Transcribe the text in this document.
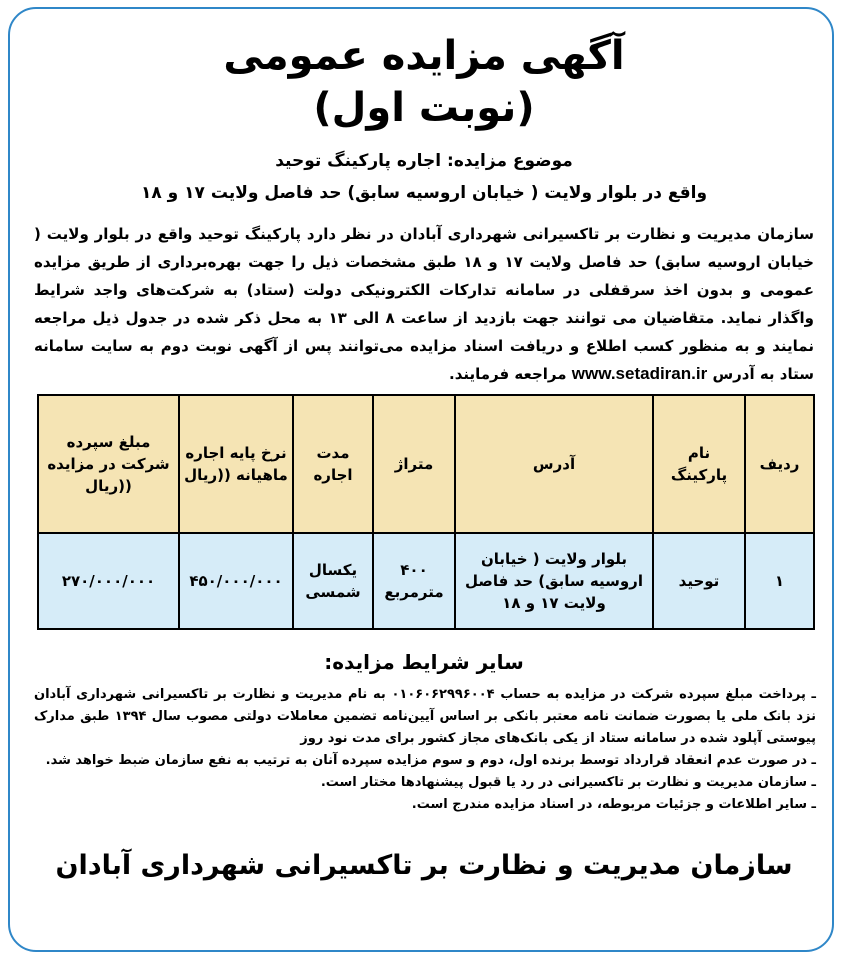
آگهی مزایده عمومی
(نوبت اول)
موضوع مزایده: اجاره پارکینگ توحید
واقع در بلوار ولایت ( خیابان اروسیه سابق) حد فاصل ولایت ۱۷ و ۱۸
سازمان مدیریت و نظارت بر تاکسیرانی شهرداری آبادان در نظر دارد پارکینگ توحید واقع در بلوار ولایت ( خیابان اروسیه سابق) حد فاصل ولایت ۱۷ و ۱۸ طبق مشخصات ذیل را جهت بهره‌برداری از طریق مزایده عمومی و بدون اخذ سرقفلی در سامانه تدارکات الکترونیکی دولت (ستاد) به شرکت‌های واجد شرایط واگذار نماید. متقاضیان می توانند جهت بازدید از ساعت ۸ الی ۱۳ به محل ذکر شده در جدول ذیل مراجعه نمایند و به منظور کسب اطلاع و دریافت اسناد مزایده می‌توانند پس از آگهی نوبت دوم به سایت سامانه ستاد به آدرس www.setadiran.ir مراجعه فرمایند.
ردیف	نام پارکینگ	آدرس	متراژ	مدت اجاره	نرخ پایه اجاره ماهیانه ((ریال	مبلغ سپرده شرکت در مزایده ((ریال
۱	توحید	بلوار ولایت ( خیابان اروسیه سابق) حد فاصل ولایت ۱۷ و ۱۸	۴۰۰ مترمربع	یکسال شمسی	۴۵۰/۰۰۰/۰۰۰	۲۷۰/۰۰۰/۰۰۰
سایر شرایط مزایده:

ـ پرداخت مبلغ سپرده شرکت در مزایده به حساب ۰۱۰۶۰۶۲۹۹۶۰۰۴ به نام مدیریت و نظارت بر تاکسیرانی شهرداری آبادان نزد بانک ملی یا بصورت ضمانت نامه معتبر بانکی بر اساس آیین‌نامه تضمین معاملات دولتی مصوب سال ۱۳۹۴ طبق مدارک پیوستی آپلود شده در سامانه ستاد از یکی بانک‌های مجاز کشور برای مدت نود روز

ـ در صورت عدم انعقاد قرارداد توسط برنده اول، دوم و سوم مزایده سپرده آنان به ترتیب به نفع سازمان ضبط خواهد شد.

ـ سازمان مدیریت و نظارت بر تاکسیرانی در رد یا قبول پیشنهادها مختار است.

ـ سایر اطلاعات و جزئیات مربوطه، در اسناد مزایده مندرج است.

سازمان مدیریت و نظارت بر تاکسیرانی شهرداری آبادان
